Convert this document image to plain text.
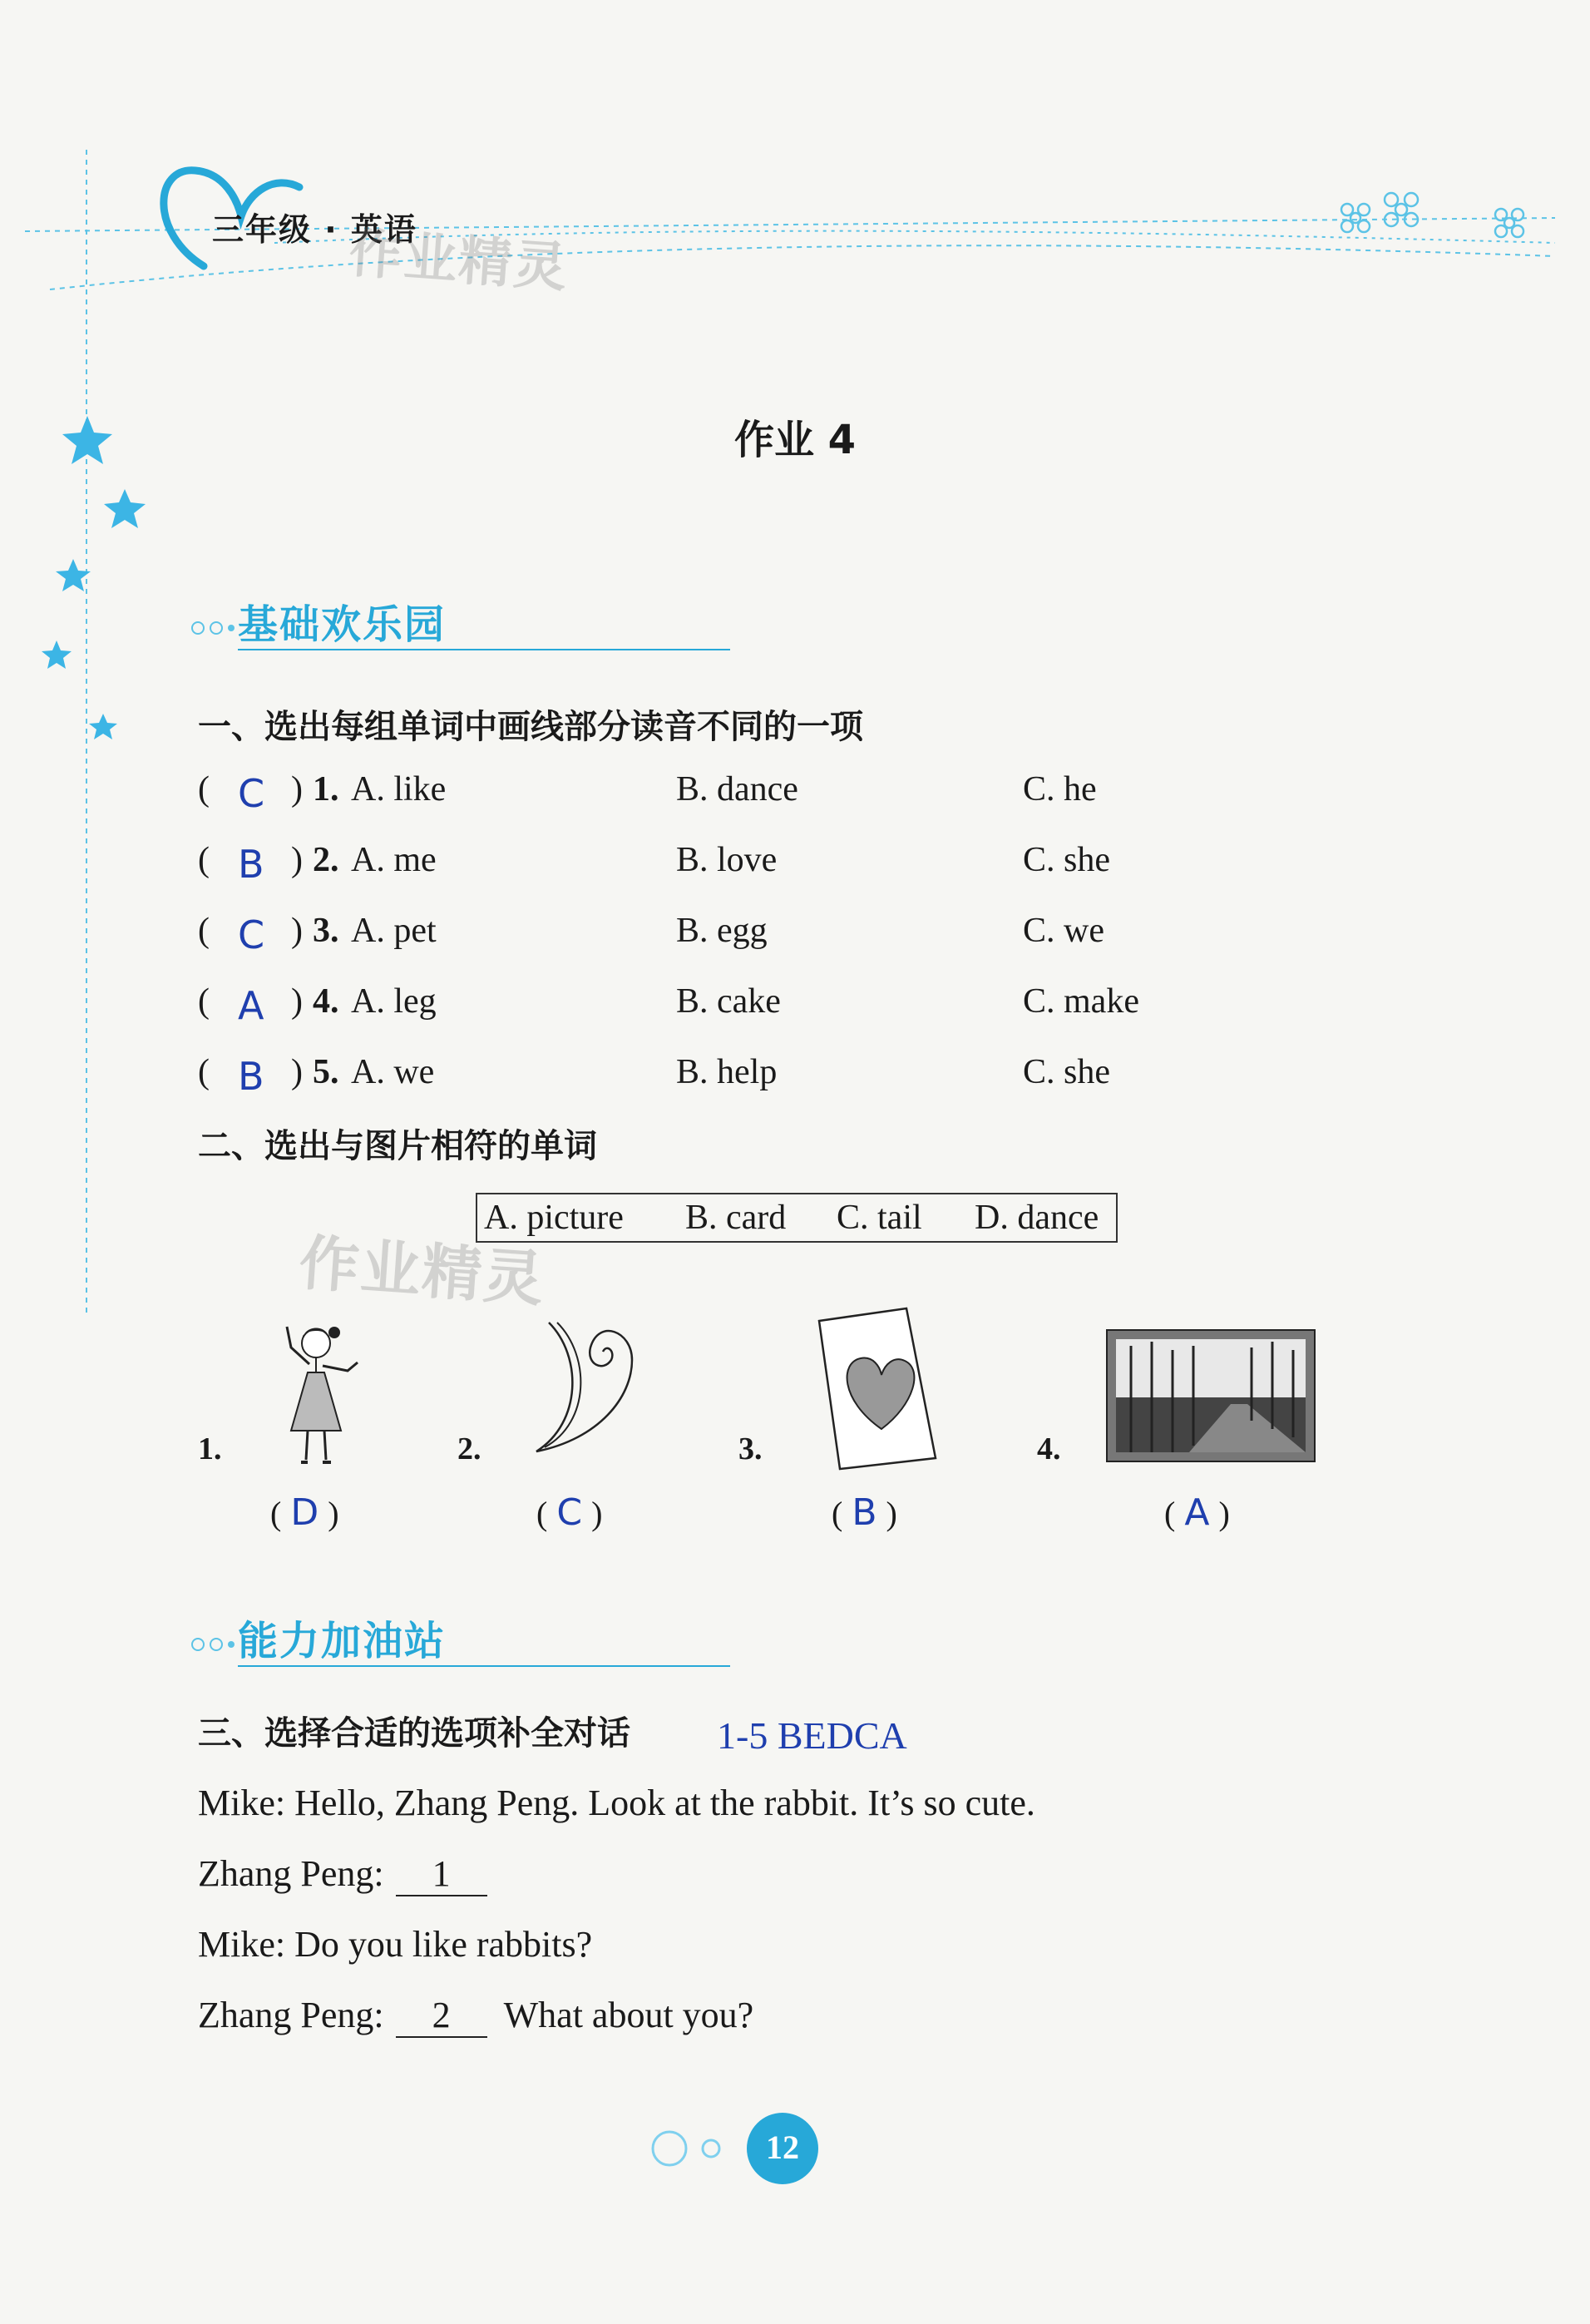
三年级 · 英语
作业精灵
作业精灵
作业 4
基础欢乐园
一、选出每组单词中画线部分读音不同的一项
( C ) 1. A. like	B. dance	C. he
( B ) 2. A. me	B. love	C. she
( C ) 3. A. pet	B. egg	C. we
( A ) 4. A. leg	B. cake	C. make
( B ) 5. A. we	B. help	C. she
二、选出与图片相符的单词
A. picture B. card C. tail D. dance
1.
( D )
2.
( C )
3.
( B )
4.
( A )
能力加油站
三、选择合适的选项补全对话 1-5 BEDCA
Mike: Hello, Zhang Peng. Look at the rabbit. It’s so cute.
Zhang Peng: 1
Mike: Do you like rabbits?
Zhang Peng: 2 What about you?
12
